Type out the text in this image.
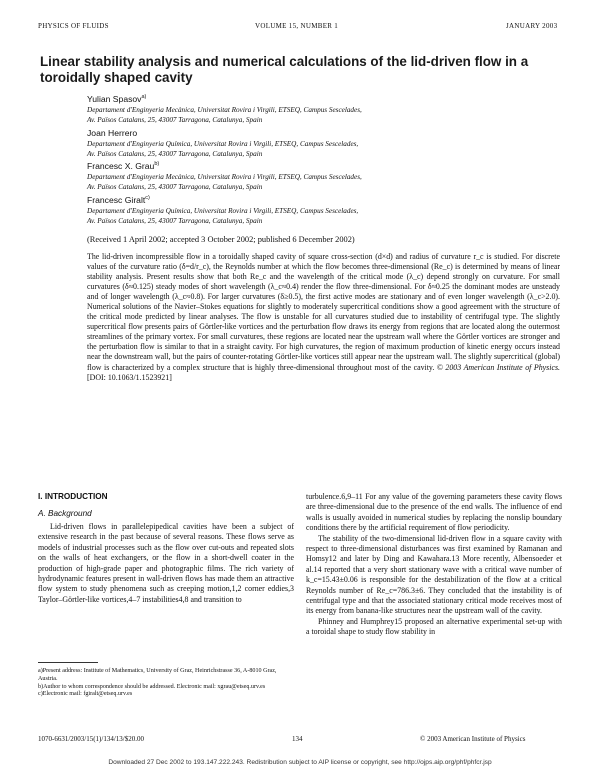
PHYSICS OF FLUIDS	VOLUME 15, NUMBER 1	JANUARY 2003
Linear stability analysis and numerical calculations of the lid-driven flow in a toroidally shaped cavity
Yulian Spasov$^{a)}$
Departament d'Enginyeria Mecànica, Universitat Rovira i Virgili, ETSEQ, Campus Sescelades,
Av. Països Catalans, 25, 43007 Tarragona, Catalunya, Spain
Joan Herrero
Departament d'Enginyeria Química, Universitat Rovira i Virgili, ETSEQ, Campus Sescelades,
Av. Països Catalans, 25, 43007 Tarragona, Catalunya, Spain
Francesc X. Grau$^{b)}$
Departament d'Enginyeria Mecànica, Universitat Rovira i Virgili, ETSEQ, Campus Sescelades,
Av. Països Catalans, 25, 43007 Tarragona, Catalunya, Spain
Francesc Giralt$^{c)}$
Departament d'Enginyeria Química, Universitat Rovira i Virgili, ETSEQ, Campus Sescelades,
Av. Països Catalans, 25, 43007 Tarragona, Catalunya, Spain
(Received 1 April 2002; accepted 3 October 2002; published 6 December 2002)

The lid-driven incompressible flow in a toroidally shaped cavity of square cross-section (d×d) and radius of curvature r_c is studied. For discrete values of the curvature ratio (δ=d/r_c), the Reynolds number at which the flow becomes three-dimensional (Re_c) is determined by means of linear stability analysis. Present results show that both Re_c and the wavelength of the critical mode (λ_c) depend strongly on curvature. For small curvatures (δ≈0.125) steady modes of short wavelength (λ_c≈0.4) render the flow three-dimensional. For δ≈0.25 the dominant modes are unsteady and of longer wavelength (λ_c≈0.8). For larger curvatures (δ≥0.5), the first active modes are stationary and of even longer wavelength (λ_c>2.0). Numerical solutions of the Navier–Stokes equations for slightly to moderately supercritical conditions show a good agreement with the structure of the critical mode predicted by linear analyses. The flow is unstable for all curvatures studied due to instability of centrifugal type. The slightly supercritical flow presents pairs of Görtler-like vortices and the perturbation flow draws its energy from regions that are located along the outermost streamlines of the primary vortex. For small curvatures, these regions are located near the upstream wall where the Görtler vortices are stronger and the perturbation flow is similar to that in a straight cavity. For high curvatures, the region of maximum production of kinetic energy occurs instead near the downstream wall, but the pairs of counter-rotating Görtler-like vortices still appear near the upstream wall. The slightly supercritical (global) flow is characterized by a complex structure that is highly three-dimensional throughout most of the cavity. © 2003 American Institute of Physics. [DOI: 10.1063/1.1523921]

I. INTRODUCTION
A. Background

Lid-driven flows in parallelepipedical cavities have been a subject of extensive research in the past because of several reasons. These flows serve as models of industrial processes such as the flow over cut-outs and repeated slots on the walls of heat exchangers, or the flow in a short-dwell coater in the production of high-grade paper and photographic films. The rich variety of hydrodynamic features present in wall-driven flows has made them an attractive flow system to study phenomena such as creeping motion,1,2 corner eddies,3 Taylor–Görtler-like vortices,4–7 instabilities4,8 and transition to

a)Present address: Institute of Mathematics, University of Graz, Heinrichstrasse 36, A-8010 Graz, Austria.

b)Author to whom correspondence should be addressed. Electronic mail: xgrau@etseq.urv.es

c)Electronic mail: fgiralt@etseq.urv.es

turbulence.6,9–11 For any value of the governing parameters these cavity flows are three-dimensional due to the presence of the end walls. The influence of end walls is usually avoided in numerical studies by replacing the nonslip boundary conditions there by the artificial requirement of flow periodicity.

The stability of the two-dimensional lid-driven flow in a square cavity with respect to three-dimensional disturbances was first examined by Ramanan and Homsy12 and later by Ding and Kawahara.13 More recently, Albensoeder et al.14 reported that a very short stationary wave with a critical wave number of k_c=15.43±0.06 is responsible for the destabilization of the flow at a critical Reynolds number of Re_c=786.3±6. They concluded that the instability is of centrifugal type and that the associated stationary critical mode receives most of its energy from banana-like structures near the upstream wall of the cavity.

Phinney and Humphrey15 proposed an alternative experimental set-up with a toroidal shape to study flow stability in

1070-6631/2003/15(1)/134/13/$20.00	134	© 2003 American Institute of Physics
Downloaded 27 Dec 2002 to 193.147.222.243. Redistribution subject to AIP license or copyright, see http://ojps.aip.org/phf/phfcr.jsp
